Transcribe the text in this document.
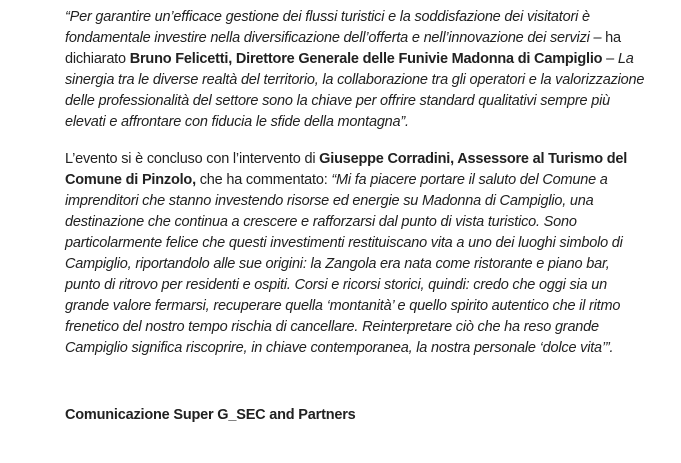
“Per garantire un’efficace gestione dei flussi turistici e la soddisfazione dei visitatori è fondamentale investire nella diversificazione dell’offerta e nell’innovazione dei servizi – ha dichiarato Bruno Felicetti, Direttore Generale delle Funivie Madonna di Campiglio – La sinergia tra le diverse realtà del territorio, la collaborazione tra gli operatori e la valorizzazione delle professionalità del settore sono la chiave per offrire standard qualitativi sempre più elevati e affrontare con fiducia le sfide della montagna”.

L’evento si è concluso con l’intervento di Giuseppe Corradini, Assessore al Turismo del Comune di Pinzolo, che ha commentato: “Mi fa piacere portare il saluto del Comune a imprenditori che stanno investendo risorse ed energie su Madonna di Campiglio, una destinazione che continua a crescere e rafforzarsi dal punto di vista turistico. Sono particolarmente felice che questi investimenti restituiscano vita a uno dei luoghi simbolo di Campiglio, riportandolo alle sue origini: la Zangola era nata come ristorante e piano bar, punto di ritrovo per residenti e ospiti. Corsi e ricorsi storici, quindi: credo che oggi sia un grande valore fermarsi, recuperare quella ‘montanità’ e quello spirito autentico che il ritmo frenetico del nostro tempo rischia di cancellare. Reinterpretare ciò che ha reso grande Campiglio significa riscoprire, in chiave contemporanea, la nostra personale ‘dolce vita’”.

Comunicazione Super G_SEC and Partners
